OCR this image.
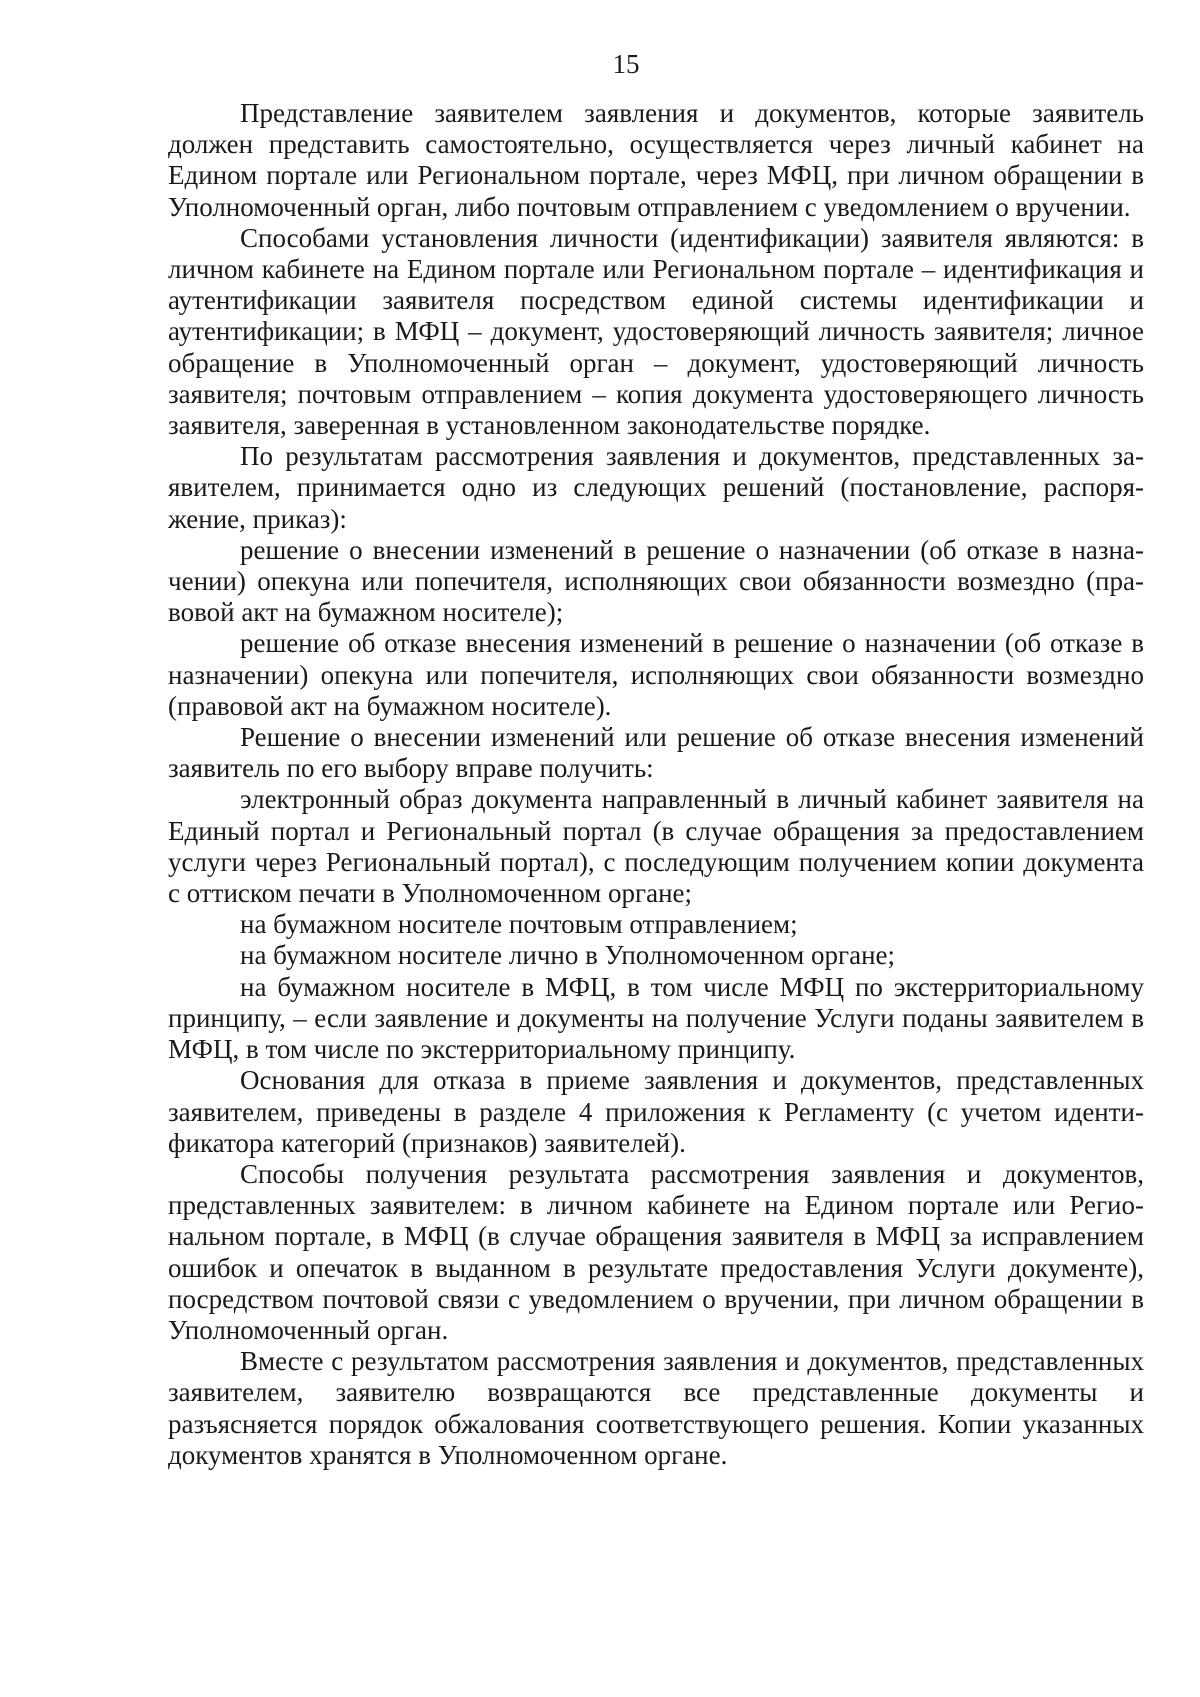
15

Представление заявителем заявления и документов, которые заявитель должен представить самостоятельно, осуществляется через личный кабинет на Едином портале или Региональном портале, через МФЦ, при личном обращении в Уполномоченный орган, либо почтовым отправлением с уведомлением о вручении.

Способами установления личности (идентификации) заявителя являются: в личном кабинете на Едином портале или Региональном портале – идентификация и аутентификации заявителя посредством единой системы идентификации и аутентификации; в МФЦ – документ, удостоверяющий личность заявителя; личное обращение в Уполномоченный орган – документ, удостоверяющий личность заявителя; почтовым отправлением – копия документа удостоверяющего личность заявителя, заверенная в установленном законодательстве порядке.

По результатам рассмотрения заявления и документов, представленных заявителем, принимается одно из следующих решений (постановление, распоряжение, приказ):

решение о внесении изменений в решение о назначении (об отказе в назначении) опекуна или попечителя, исполняющих свои обязанности возмездно (правовой акт на бумажном носителе);

решение об отказе внесения изменений в решение о назначении (об отказе в назначении) опекуна или попечителя, исполняющих свои обязанности возмездно (правовой акт на бумажном носителе).

Решение о внесении изменений или решение об отказе внесения изменений заявитель по его выбору вправе получить:

электронный образ документа направленный в личный кабинет заявителя на Единый портал и Региональный портал (в случае обращения за предоставлением услуги через Региональный портал), с последующим получением копии документа с оттиском печати в Уполномоченном органе;

на бумажном носителе почтовым отправлением;

на бумажном носителе лично в Уполномоченном органе;

на бумажном носителе в МФЦ, в том числе МФЦ по экстерриториальному принципу, – если заявление и документы на получение Услуги поданы заявителем в МФЦ, в том числе по экстерриториальному принципу.

Основания для отказа в приеме заявления и документов, представленных заявителем, приведены в разделе 4 приложения к Регламенту (с учетом идентификатора категорий (признаков) заявителей).

Способы получения результата рассмотрения заявления и документов, представленных заявителем: в личном кабинете на Едином портале или Региональном портале, в МФЦ (в случае обращения заявителя в МФЦ за исправлением ошибок и опечаток в выданном в результате предоставления Услуги документе), посредством почтовой связи с уведомлением о вручении, при личном обращении в Уполномоченный орган.

Вместе с результатом рассмотрения заявления и документов, представленных заявителем, заявителю возвращаются все представленные документы и разъясняется порядок обжалования соответствующего решения. Копии указанных документов хранятся в Уполномоченном органе.
